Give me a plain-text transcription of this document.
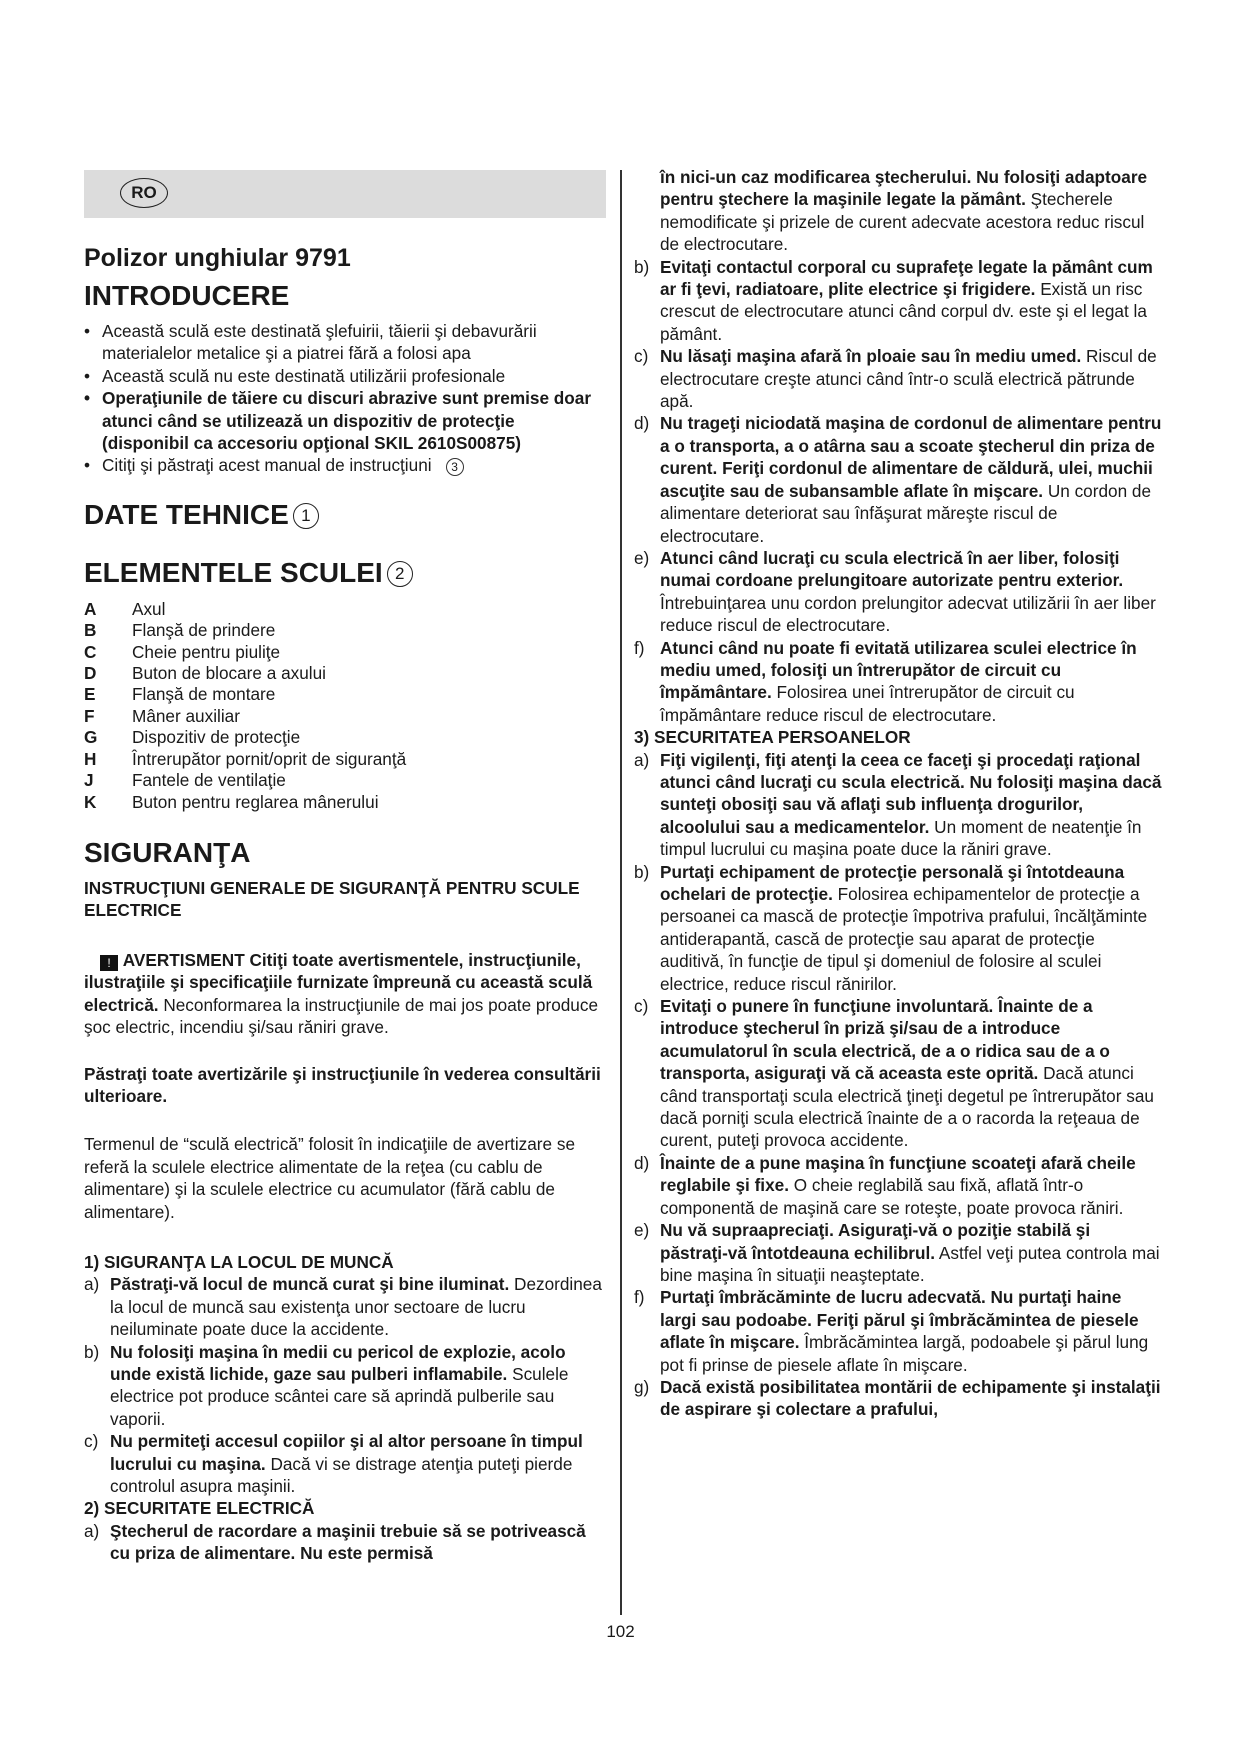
RO
Polizor unghiular 9791
INTRODUCERE
• Această sculă este destinată şlefuirii, tăierii şi debavurării materialelor metalice şi a piatrei fără a folosi apa
• Această sculă nu este destinată utilizării profesionale
• Operaţiunile de tăiere cu discuri abrazive sunt premise doar atunci când se utilizează un dispozitiv de protecţie (disponibil ca accesoriu opţional SKIL 2610S00875)
• Citiţi şi păstraţi acest manual de instrucţiuni 3
DATE TEHNICE 1
ELEMENTELE SCULEI 2
A	Axul
B	Flanşă de prindere
C	Cheie pentru piuliţe
D	Buton de blocare a axului
E	Flanşă de montare
F	Mâner auxiliar
G	Dispozitiv de protecţie
H	Întrerupător pornit/oprit de siguranţă
J	Fantele de ventilaţie
K	Buton pentru reglarea mânerului
SIGURANŢA
INSTRUCŢIUNI GENERALE DE SIGURANŢĂ PENTRU SCULE ELECTRICE

! AVERTISMENT Citiţi toate avertismentele, instrucţiunile, ilustraţiile şi specificaţiile furnizate împreună cu această sculă electrică. Neconformarea la instrucţiunile de mai jos poate produce şoc electric, incendiu şi/sau răniri grave.

Păstraţi toate avertizările şi instrucţiunile în vederea consultării ulterioare.

Termenul de “sculă electrică” folosit în indicaţiile de avertizare se referă la sculele electrice alimentate de la reţea (cu cablu de alimentare) şi la sculele electrice cu acumulator (fără cablu de alimentare).

1) SIGURANŢA LA LOCUL DE MUNCĂ
a) Păstraţi-vă locul de muncă curat şi bine iluminat. Dezordinea la locul de muncă sau existenţa unor sectoare de lucru neiluminate poate duce la accidente.
b) Nu folosiţi maşina în medii cu pericol de explozie, acolo unde există lichide, gaze sau pulberi inflamabile. Sculele electrice pot produce scântei care să aprindă pulberile sau vaporii.
c) Nu permiteţi accesul copiilor şi al altor persoane în timpul lucrului cu maşina. Dacă vi se distrage atenţia puteţi pierde controlul asupra maşinii.
2) SECURITATE ELECTRICĂ
a) Ştecherul de racordare a maşinii trebuie să se potrivească cu priza de alimentare. Nu este permisă
în nici-un caz modificarea ştecherului. Nu folosiţi adaptoare pentru ştechere la maşinile legate la pământ. Ştecherele nemodificate şi prizele de curent adecvate acestora reduc riscul de electrocutare.
b) Evitaţi contactul corporal cu suprafeţe legate la pământ cum ar fi ţevi, radiatoare, plite electrice şi frigidere. Există un risc crescut de electrocutare atunci când corpul dv. este şi el legat la pământ.
c) Nu lăsaţi maşina afară în ploaie sau în mediu umed. Riscul de electrocutare creşte atunci când într-o sculă electrică pătrunde apă.
d) Nu trageţi niciodată maşina de cordonul de alimentare pentru a o transporta, a o atârna sau a scoate ştecherul din priza de curent. Feriţi cordonul de alimentare de căldură, ulei, muchii ascuţite sau de subansamble aflate în mişcare. Un cordon de alimentare deteriorat sau înfăşurat măreşte riscul de electrocutare.
e) Atunci când lucraţi cu scula electrică în aer liber, folosiţi numai cordoane prelungitoare autorizate pentru exterior. Întrebuinţarea unu cordon prelungitor adecvat utilizării în aer liber reduce riscul de electrocutare.
f) Atunci când nu poate fi evitată utilizarea sculei electrice în mediu umed, folosiţi un întrerupător de circuit cu împământare. Folosirea unei întrerupător de circuit cu împământare reduce riscul de electrocutare.
3) SECURITATEA PERSOANELOR
a) Fiţi vigilenţi, fiţi atenţi la ceea ce faceţi şi procedaţi raţional atunci când lucraţi cu scula electrică. Nu folosiţi maşina dacă sunteţi obosiţi sau vă aflaţi sub influenţa drogurilor, alcoolului sau a medicamentelor. Un moment de neatenţie în timpul lucrului cu maşina poate duce la răniri grave.
b) Purtaţi echipament de protecţie personală şi întotdeauna ochelari de protecţie. Folosirea echipamentelor de protecţie a persoanei ca mască de protecţie împotriva prafului, încălţăminte antiderapantă, cască de protecţie sau aparat de protecţie auditivă, în funcţie de tipul şi domeniul de folosire al sculei electrice, reduce riscul rănirilor.
c) Evitaţi o punere în funcţiune involuntară. Înainte de a introduce ştecherul în priză şi/sau de a introduce acumulatorul în scula electrică, de a o ridica sau de a o transporta, asiguraţi vă că aceasta este oprită. Dacă atunci când transportaţi scula electrică ţineţi degetul pe întrerupător sau dacă porniţi scula electrică înainte de a o racorda la reţeaua de curent, puteţi provoca accidente.
d) Înainte de a pune maşina în funcţiune scoateţi afară cheile reglabile şi fixe. O cheie reglabilă sau fixă, aflată într-o componentă de maşină care se roteşte, poate provoca răniri.
e) Nu vă supraapreciaţi. Asiguraţi-vă o poziţie stabilă şi păstraţi-vă întotdeauna echilibrul. Astfel veţi putea controla mai bine maşina în situaţii neaşteptate.
f) Purtaţi îmbrăcăminte de lucru adecvată. Nu purtaţi haine largi sau podoabe. Feriţi părul şi îmbrăcămintea de piesele aflate în mişcare. Îmbrăcămintea largă, podoabele şi părul lung pot fi prinse de piesele aflate în mişcare.
g) Dacă există posibilitatea montării de echipamente şi instalaţii de aspirare şi colectare a prafului,
102
